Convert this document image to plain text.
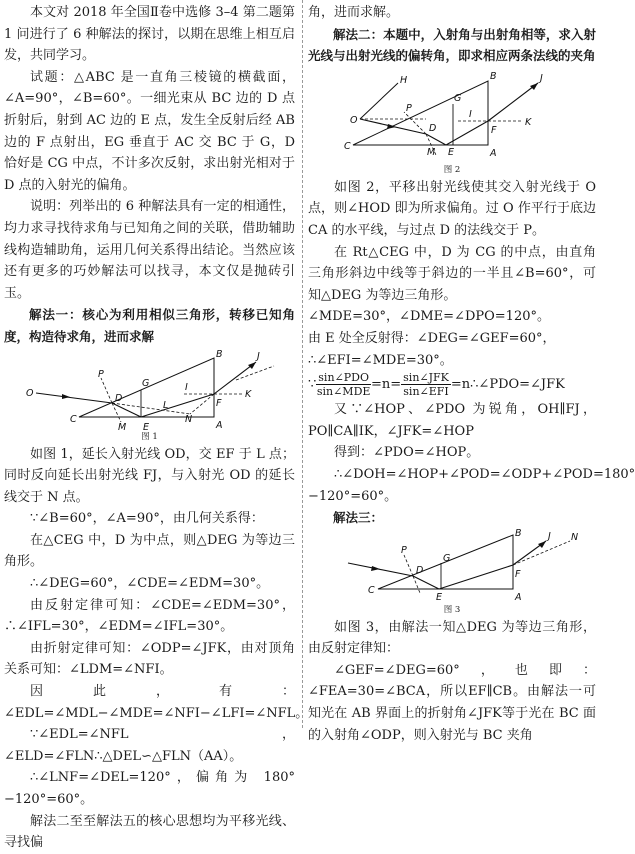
本文对 2018 年全国Ⅱ卷中选修 3–4 第二题第 1 问进行了 6 种解法的探讨，以期在思维上相互启发，共同学习。

试题：△ABC 是一直角三棱镜的横截面，∠A=90°，∠B=60°。一细光束从 BC 边的 D 点折射后，射到 AC 边的 E 点，发生全反射后经 AB 边的 F 点射出，EG 垂直于 AC 交 BC 于 G，D 恰好是 CG 中点，不计多次反射，求出射光相对于 D 点的入射光的偏角。

说明：列举出的 6 种解法具有一定的相通性，均力求寻找待求角与已知角之间的关联，借助辅助线构造辅助角，运用几何关系得出结论。当然应该还有更多的巧妙解法可以找寻，本文仅是抛砖引玉。

解法一：核心为利用相似三角形，转移已知角度，构造待求角，进而求解

O
P
G
B	J
C
M E	A
D
L
N
I
F
K

图 1

如图 1，延长入射光线 OD，交 EF 于 L 点；同时反向延长出射光线 FJ，与入射光 OD 的延长线交于 N 点。

∵∠B=60°，∠A=90°，由几何关系得：

在△CEG 中，D 为中点，则△DEG 为等边三角形。

∴∠DEG=60°，∠CDE=∠EDM=30°。

由反射定律可知：∠CDE=∠EDM=30°，∴∠IFL=30°，∠EDM=∠IFL=30°。

由折射定律可知：∠ODP=∠JFK，由对顶角关系可知：∠LDM=∠NFI。

因此，有：∠EDL=∠MDL−∠MDE=∠NFI−∠LFI=∠NFL。

∵∠EDL=∠NFL，∠ELD=∠FLN∴△DEL∽△FLN（AA）。

∴∠LNF=∠DEL=120°，偏角为 180°−120°=60°。

解法二至至解法五的核心思想均为平移光线、寻找偏

角，进而求解。

解法二：本题中，入射角与出射角相等，求入射光线与出射光线的偏转角，即求相应两条法线的夹角

O
H
P
G
B	J
C
M E	A
D
I
F
K

图 2

如图 2，平移出射光线使其交入射光线于 O 点，则∠HOD 即为所求偏角。过 O 作平行于底边 CA 的水平线，与过点 D 的法线交于 P。

在 Rt△CEG 中，D 为 CG 的中点，由直角三角形斜边中线等于斜边的一半且∠B=60°，可知△DEG 为等边三角形。

∠MDE=30°，∠DME=∠DPO=120°。

由 E 处全反射得：∠DEG=∠GEF=60°，

∴∠EFI=∠MDE=30°。

∵ $\frac{\text{sin∠PDO}}{\text{sin∠MDE}} =n= \frac{\text{sin∠JFK}}{\text{sin∠EFI}}$ =n∴∠PDO=∠JFK

又∵∠HOP、∠PDO 为锐角，OH∥FJ，PO∥CA∥IK，∠JFK=∠HOP

得到：∠PDO=∠HOP。

∴∠DOH=∠HOP+∠POD=∠ODP+∠POD=180°−120°=60°。

解法三：

P
G
B	J N
D
C
E
F
A

图 3

如图 3，由解法一知△DEG 为等边三角形，由反射定律知：

∠GEF=∠DEG=60°，也即：∠FEA=30=∠BCA，所以EF∥CB。由解法一可知光在 AB 界面上的折射角∠JFK等于光在 BC 面的入射角∠ODP，则入射光与 BC 夹角
